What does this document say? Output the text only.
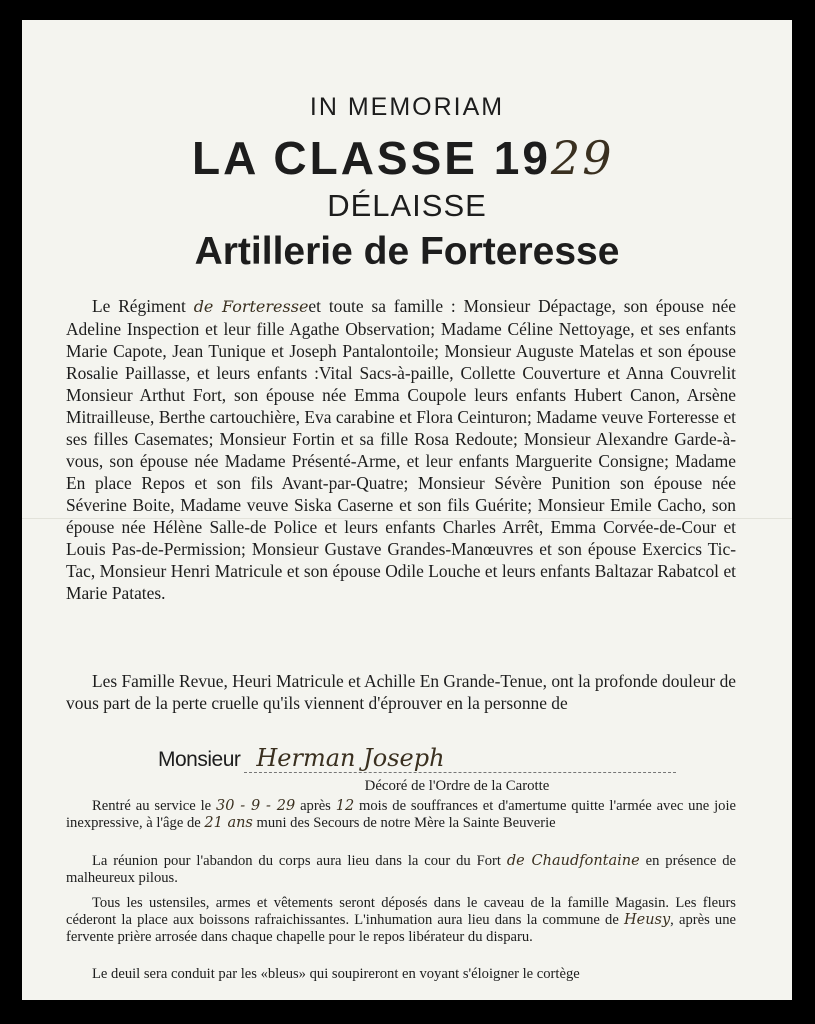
IN MEMORIAM

LA CLASSE 1929

DÉLAISSE

Artillerie de Forteresse

Le Régiment de Forteresseet toute sa famille : Monsieur Dépactage, son épouse née Adeline Inspection et leur fille Agathe Observation; Madame Céline Nettoyage, et ses enfants Marie Capote, Jean Tunique et Joseph Pantalontoile; Monsieur Auguste Matelas et son épouse Rosalie Paillasse, et leurs enfants :Vital Sacs-à-paille, Collette Couverture et Anna Couvrelit Monsieur Arthut Fort, son épouse née Emma Coupole leurs enfants Hubert Canon, Arsène Mitrailleuse, Berthe cartouchière, Eva carabine et Flora Ceinturon; Madame veuve Forteresse et ses filles Casemates; Monsieur Fortin et sa fille Rosa Redoute; Monsieur Alexandre Garde-à-vous, son épouse née Madame Présenté-Arme, et leur enfants Marguerite Consigne; Madame En place Repos et son fils Avant-par-Quatre; Monsieur Sévère Punition son épouse née Séverine Boite, Madame veuve Siska Caserne et son fils Guérite; Monsieur Emile Cacho, son épouse née Hélène Salle-de Police et leurs enfants Charles Arrêt, Emma Corvée-de-Cour et Louis Pas-de-Permission; Monsieur Gustave Grandes-Manœuvres et son épouse Exercics Tic-Tac, Monsieur Henri Matricule et son épouse Odile Louche et leurs enfants Baltazar Rabatcol et Marie Patates.

Les Famille Revue, Heuri Matricule et Achille En Grande-Tenue, ont la profonde douleur de vous part de la perte cruelle qu'ils viennent d'éprouver en la personne de

Monsieur Herman Joseph

Décoré de l'Ordre de la Carotte

Rentré au service le 30 - 9 - 29 après 12 mois de souffrances et d'amertume quitte l'armée avec une joie inexpressive, à l'âge de 21 ans muni des Secours de notre Mère la Sainte Beuverie

La réunion pour l'abandon du corps aura lieu dans la cour du Fort de Chaudfontaine en présence de malheureux pilous.

Tous les ustensiles, armes et vêtements seront déposés dans le caveau de la famille Magasin. Les fleurs céderont la place aux boissons rafraichissantes. L'inhumation aura lieu dans la commune de Heusy, après une fervente prière arrosée dans chaque chapelle pour le repos libérateur du disparu.

Le deuil sera conduit par les «bleus» qui soupireront en voyant s'éloigner le cortège
